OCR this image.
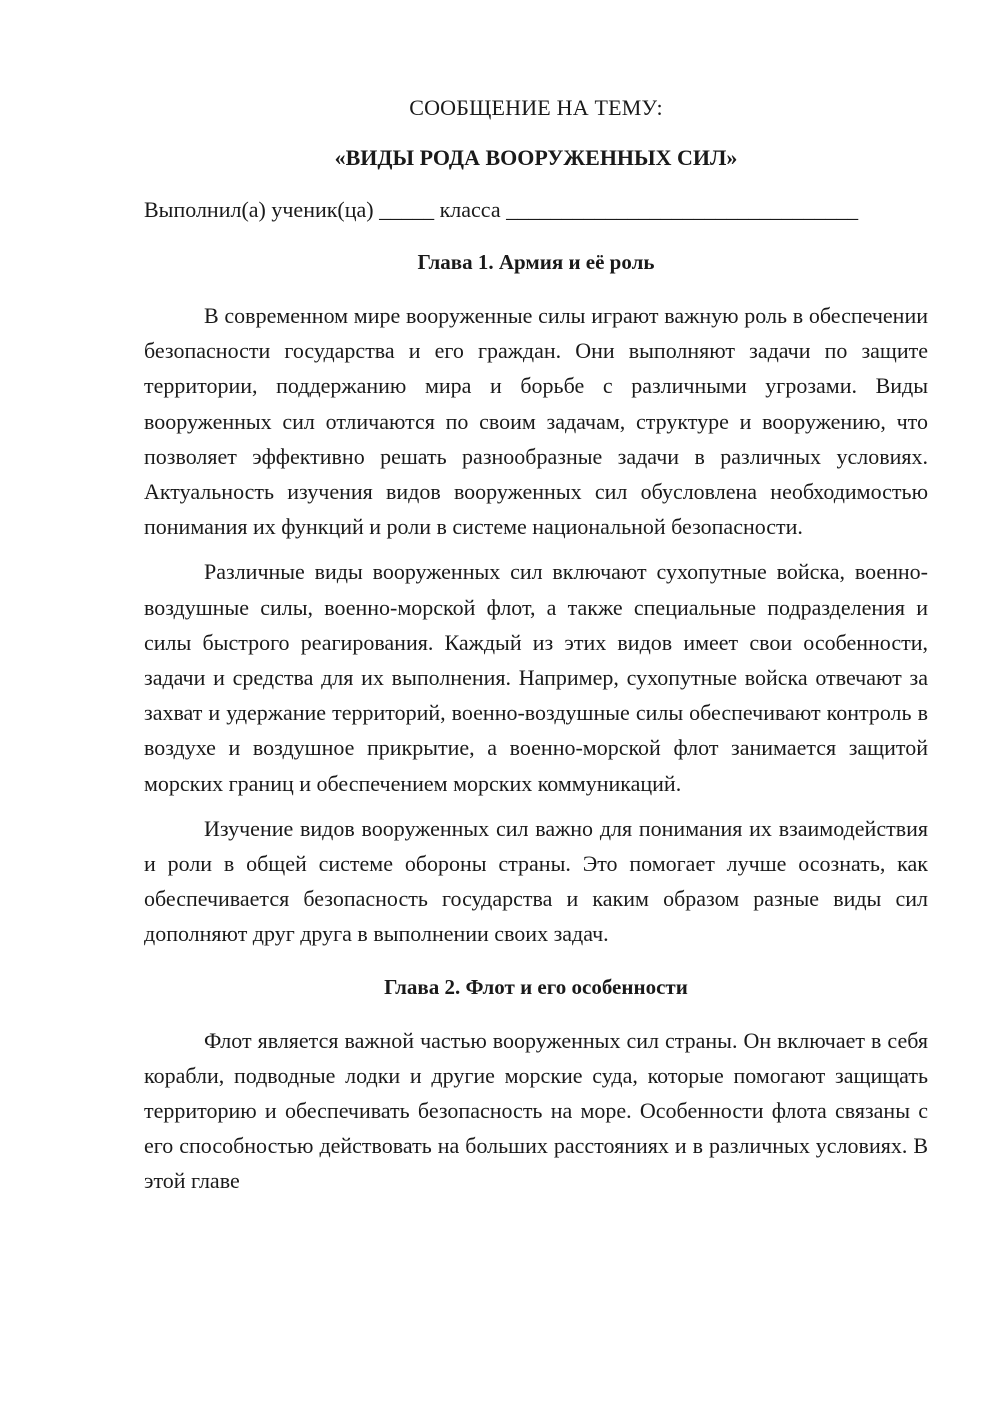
СООБЩЕНИЕ НА ТЕМУ:

«ВИДЫ РОДА ВООРУЖЕННЫХ СИЛ»

Выполнил(а) ученик(ца) _____ класса ________________________________
Глава 1. Армия и её роль

В современном мире вооруженные силы играют важную роль в обеспечении безопасности государства и его граждан. Они выполняют задачи по защите территории, поддержанию мира и борьбе с различными угрозами. Виды вооруженных сил отличаются по своим задачам, структуре и вооружению, что позволяет эффективно решать разнообразные задачи в различных условиях. Актуальность изучения видов вооруженных сил обусловлена необходимостью понимания их функций и роли в системе национальной безопасности.

Различные виды вооруженных сил включают сухопутные войска, военно-воздушные силы, военно-морской флот, а также специальные подразделения и силы быстрого реагирования. Каждый из этих видов имеет свои особенности, задачи и средства для их выполнения. Например, сухопутные войска отвечают за захват и удержание территорий, военно-воздушные силы обеспечивают контроль в воздухе и воздушное прикрытие, а военно-морской флот занимается защитой морских границ и обеспечением морских коммуникаций.

Изучение видов вооруженных сил важно для понимания их взаимодействия и роли в общей системе обороны страны. Это помогает лучше осознать, как обеспечивается безопасность государства и каким образом разные виды сил дополняют друг друга в выполнении своих задач.

Глава 2. Флот и его особенности

Флот является важной частью вооруженных сил страны. Он включает в себя корабли, подводные лодки и другие морские суда, которые помогают защищать территорию и обеспечивать безопасность на море. Особенности флота связаны с его способностью действовать на больших расстояниях и в различных условиях. В этой главе
